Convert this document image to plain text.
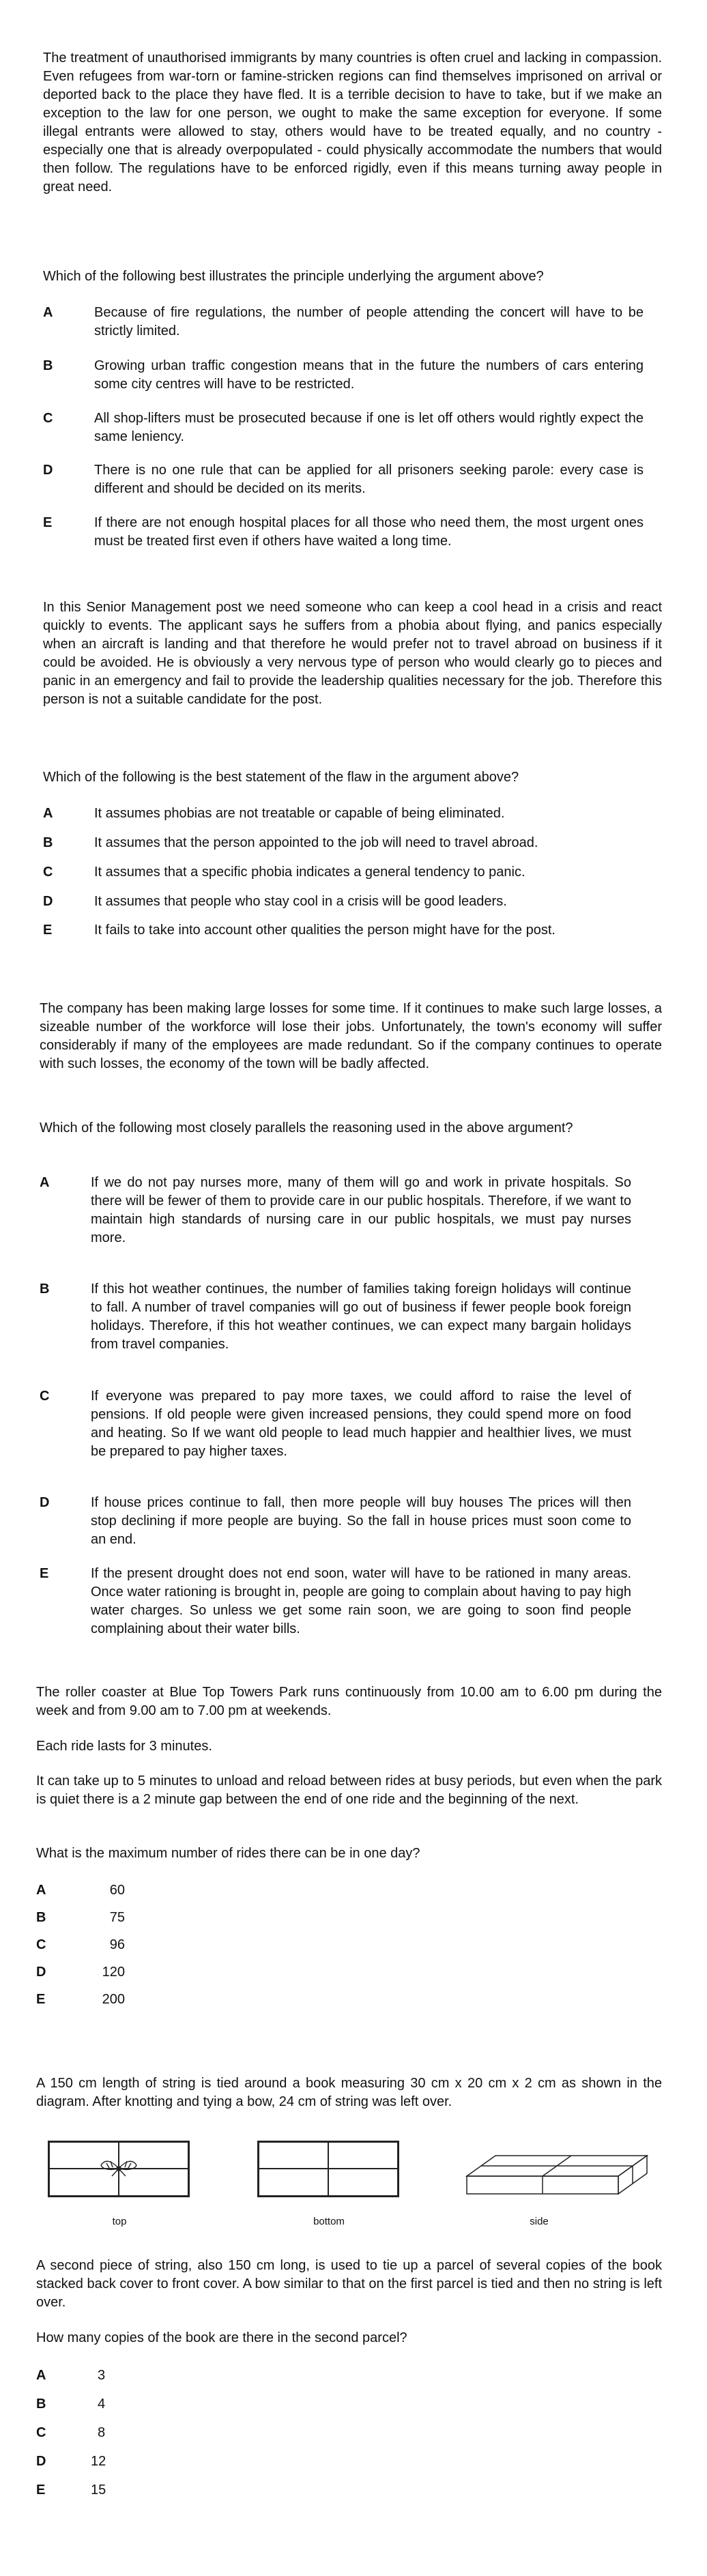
The treatment of unauthorised immigrants by many countries is often cruel and lacking in compassion. Even refugees from war-torn or famine-stricken regions can find themselves imprisoned on arrival or deported back to the place they have fled. It is a terrible decision to have to take, but if we make an exception to the law for one person, we ought to make the same exception for everyone. If some illegal entrants were allowed to stay, others would have to be treated equally, and no country - especially one that is already overpopulated - could physically accommodate the numbers that would then follow. The regulations have to be enforced rigidly, even if this means turning away people in great need.

Which of the following best illustrates the principle underlying the argument above?

A	Because of fire regulations, the number of people attending the concert will have to be strictly limited.
B	Growing urban traffic congestion means that in the future the numbers of cars entering some city centres will have to be restricted.
C	All shop-lifters must be prosecuted because if one is let off others would rightly expect the same leniency.
D	There is no one rule that can be applied for all prisoners seeking parole: every case is different and should be decided on its merits.
E	If there are not enough hospital places for all those who need them, the most urgent ones must be treated first even if others have waited a long time.

In this Senior Management post we need someone who can keep a cool head in a crisis and react quickly to events. The applicant says he suffers from a phobia about flying, and panics especially when an aircraft is landing and that therefore he would prefer not to travel abroad on business if it could be avoided. He is obviously a very nervous type of person who would clearly go to pieces and panic in an emergency and fail to provide the leadership qualities necessary for the job. Therefore this person is not a suitable candidate for the post.

Which of the following is the best statement of the flaw in the argument above?

A	It assumes phobias are not treatable or capable of being eliminated.
B	It assumes that the person appointed to the job will need to travel abroad.
C	It assumes that a specific phobia indicates a general tendency to panic.
D	It assumes that people who stay cool in a crisis will be good leaders.
E	It fails to take into account other qualities the person might have for the post.

The company has been making large losses for some time. If it continues to make such large losses, a sizeable number of the workforce will lose their jobs. Unfortunately, the town's economy will suffer considerably if many of the employees are made redundant. So if the company continues to operate with such losses, the economy of the town will be badly affected.

Which of the following most closely parallels the reasoning used in the above argument?

A	If we do not pay nurses more, many of them will go and work in private hospitals. So there will be fewer of them to provide care in our public hospitals. Therefore, if we want to maintain high standards of nursing care in our public hospitals, we must pay nurses more.
B	If this hot weather continues, the number of families taking foreign holidays will continue to fall. A number of travel companies will go out of business if fewer people book foreign holidays. Therefore, if this hot weather continues, we can expect many bargain holidays from travel companies.
C	If everyone was prepared to pay more taxes, we could afford to raise the level of pensions. If old people were given increased pensions, they could spend more on food and heating. So If we want old people to lead much happier and healthier lives, we must be prepared to pay higher taxes.
D	If house prices continue to fall, then more people will buy houses The prices will then stop declining if more people are buying. So the fall in house prices must soon come to an end.
E	If the present drought does not end soon, water will have to be rationed in many areas. Once water rationing is brought in, people are going to complain about having to pay high water charges. So unless we get some rain soon, we are going to soon find people complaining about their water bills.

The roller coaster at Blue Top Towers Park runs continuously from 10.00 am to 6.00 pm during the week and from 9.00 am to 7.00 pm at weekends.

Each ride lasts for 3 minutes.

It can take up to 5 minutes to unload and reload between rides at busy periods, but even when the park is quiet there is a 2 minute gap between the end of one ride and the beginning of the next.

What is the maximum number of rides there can be in one day?

A	60
B	75
C	96
D	120
E	200

A 150 cm length of string is tied around a book measuring 30 cm x 20 cm x 2 cm as shown in the diagram. After knotting and tying a bow, 24 cm of string was left over.

top	bottom	side

A second piece of string, also 150 cm long, is used to tie up a parcel of several copies of the book stacked back cover to front cover. A bow similar to that on the first parcel is tied and then no string is left over.

How many copies of the book are there in the second parcel?

A	3
B	4
C	8
D	12
E	15
